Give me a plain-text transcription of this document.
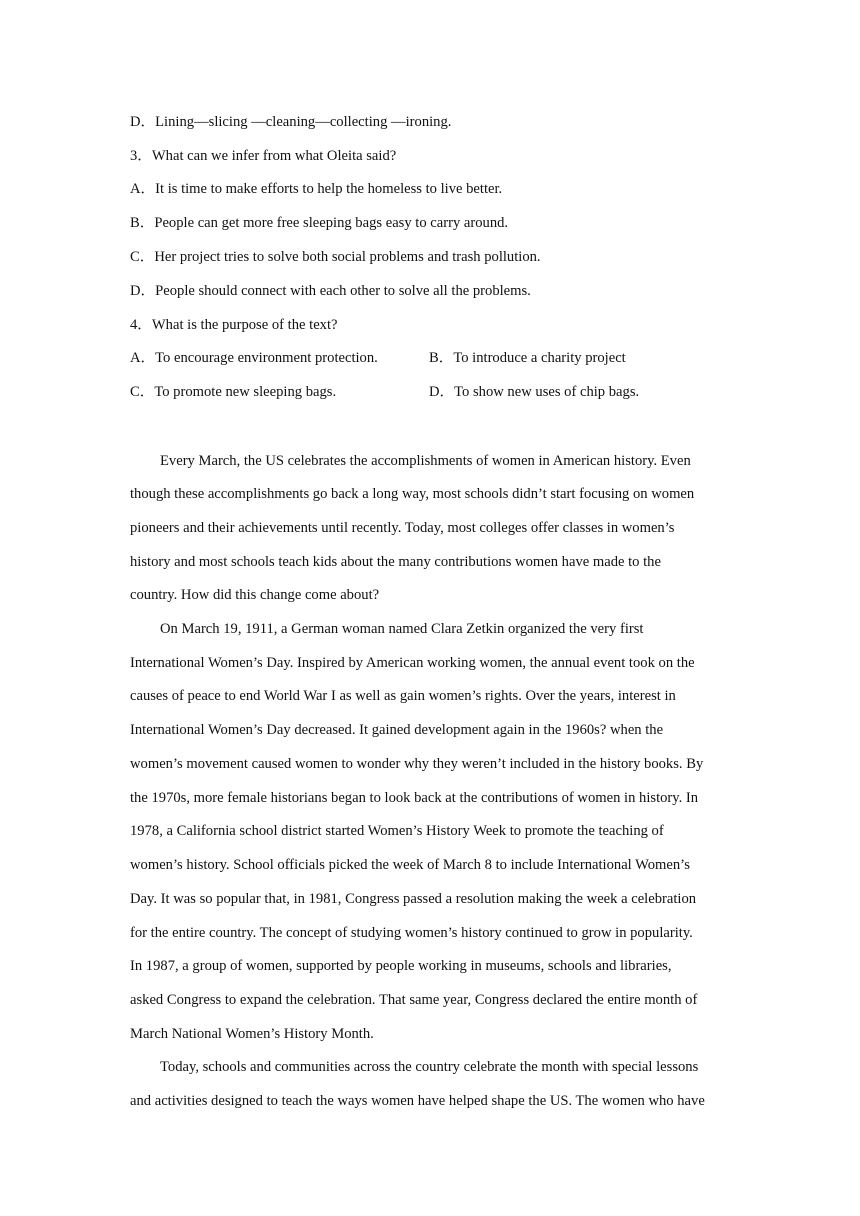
D．Lining—slicing ―cleaning—collecting —ironing.
3．What can we infer from what Oleita said?
A．It is time to make efforts to help the homeless to live better.
B．People can get more free sleeping bags easy to carry around.
C．Her project tries to solve both social problems and trash pollution.
D．People should connect with each other to solve all the problems.
4．What is the purpose of the text?
A．To encourage environment protection.	B．To introduce a charity project
C．To promote new sleeping bags.	D．To show new uses of chip bags.
Every March, the US celebrates the accomplishments of women in American history. Even
though these accomplishments go back a long way, most schools didn’t start focusing on women
pioneers and their achievements until recently. Today, most colleges offer classes in women’s
history and most schools teach kids about the many contributions women have made to the
country. How did this change come about?
On March 19, 1911, a German woman named Clara Zetkin organized the very first
International Women’s Day. Inspired by American working women, the annual event took on the
causes of peace to end World War I as well as gain women’s rights. Over the years, interest in
International Women’s Day decreased. It gained development again in the 1960s? when the
women’s movement caused women to wonder why they weren’t included in the history books. By
the 1970s, more female historians began to look back at the contributions of women in history. In
1978, a California school district started Women’s History Week to promote the teaching of
women’s history. School officials picked the week of March 8 to include International Women’s
Day. It was so popular that, in 1981, Congress passed a resolution making the week a celebration
for the entire country. The concept of studying women’s history continued to grow in popularity.
In 1987, a group of women, supported by people working in museums, schools and libraries,
asked Congress to expand the celebration. That same year, Congress declared the entire month of
March National Women’s History Month.
Today, schools and communities across the country celebrate the month with special lessons
and activities designed to teach the ways women have helped shape the US. The women who have
